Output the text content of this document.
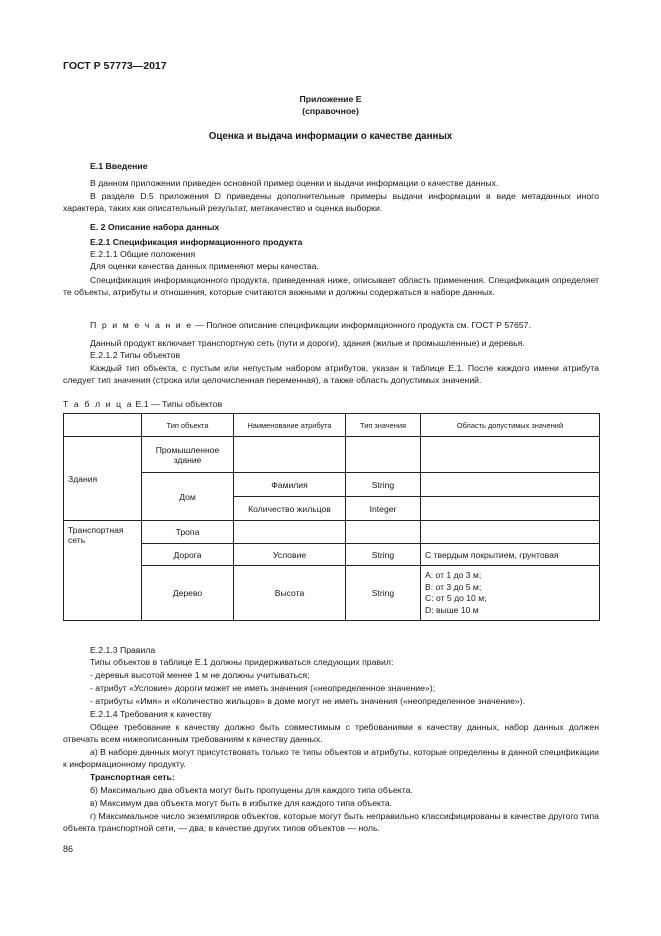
ГОСТ Р 57773—2017
Приложение E
(справочное)
Оценка и выдача информации о качестве данных
E.1 Введение
В данном приложении приведен основной пример оценки и выдачи информации о качестве данных.
В разделе D.5 приложения D приведены дополнительные примеры выдачи информации в виде метаданных иного характера, таких как описательный результат, метакачество и оценка выборки.
E. 2 Описание набора данных
E.2.1 Спецификация информационного продукта
E.2.1.1 Общие положения
Для оценки качества данных применяют меры качества.
Спецификация информационного продукта, приведенная ниже, описывает область применения. Спецификация определяет те объекты, атрибуты и отношения, которые считаются важными и должны содержаться в наборе данных.
П р и м е ч а н и е — Полное описание спецификации информационного продукта см. ГОСТ Р 57657.
Данный продукт включает транспортную сеть (пути и дороги), здания (жилые и промышленные) и деревья.
E.2.1.2 Типы объектов
Каждый тип объекта, с пустым или непустым набором атрибутов, указан в таблице E.1. После каждого имени атрибута следует тип значения (строка или целочисленная переменная), а также область допустимых значений.
Т а б л и ц а E.1 — Типы объектов
	Тип объекта	Наименование атрибута	Тип значения	Область допустимых значений
Здания	Промышленное здание			
	Дом	Фамилия	String	
		Количество жильцов	Integer	
Транспортная сеть	Тропа			
	Дорога	Условие	String	С твердым покрытием, грунтовая
	Дерево	Высота	String	A: от 1 до 3 м;
B: от 3 до 5 м;
C: от 5 до 10 м;
D: выше 10 м
E.2.1.3 Правила
Типы объектов в таблице E.1 должны придерживаться следующих правил:
- деревья высотой менее 1 м не должны учитываться;
- атрибут «Условие» дороги может не иметь значения («неопределенное значение»);
- атрибуты «Имя» и «Количество жильцов» в доме могут не иметь значения («неопределенное значение»).
E.2.1.4 Требования к качеству
Общее требование к качеству должно быть совместимым с требованиями к качеству данных, набор данных должен отвечать всем нижеописанным требованиям к качеству данных.
а) В наборе данных могут присутствовать только те типы объектов и атрибуты, которые определены в данной спецификации к информационному продукту.
Транспортная сеть:
б) Максимально два объекта могут быть пропущены для каждого типа объекта.
в) Максимум два объекта могут быть в избытке для каждого типа объекта.
г) Максимальное число экземпляров объектов, которые могут быть неправильно классифицированы в качестве другого типа объекта транспортной сети, — два; в качестве других типов объектов — ноль.
86
